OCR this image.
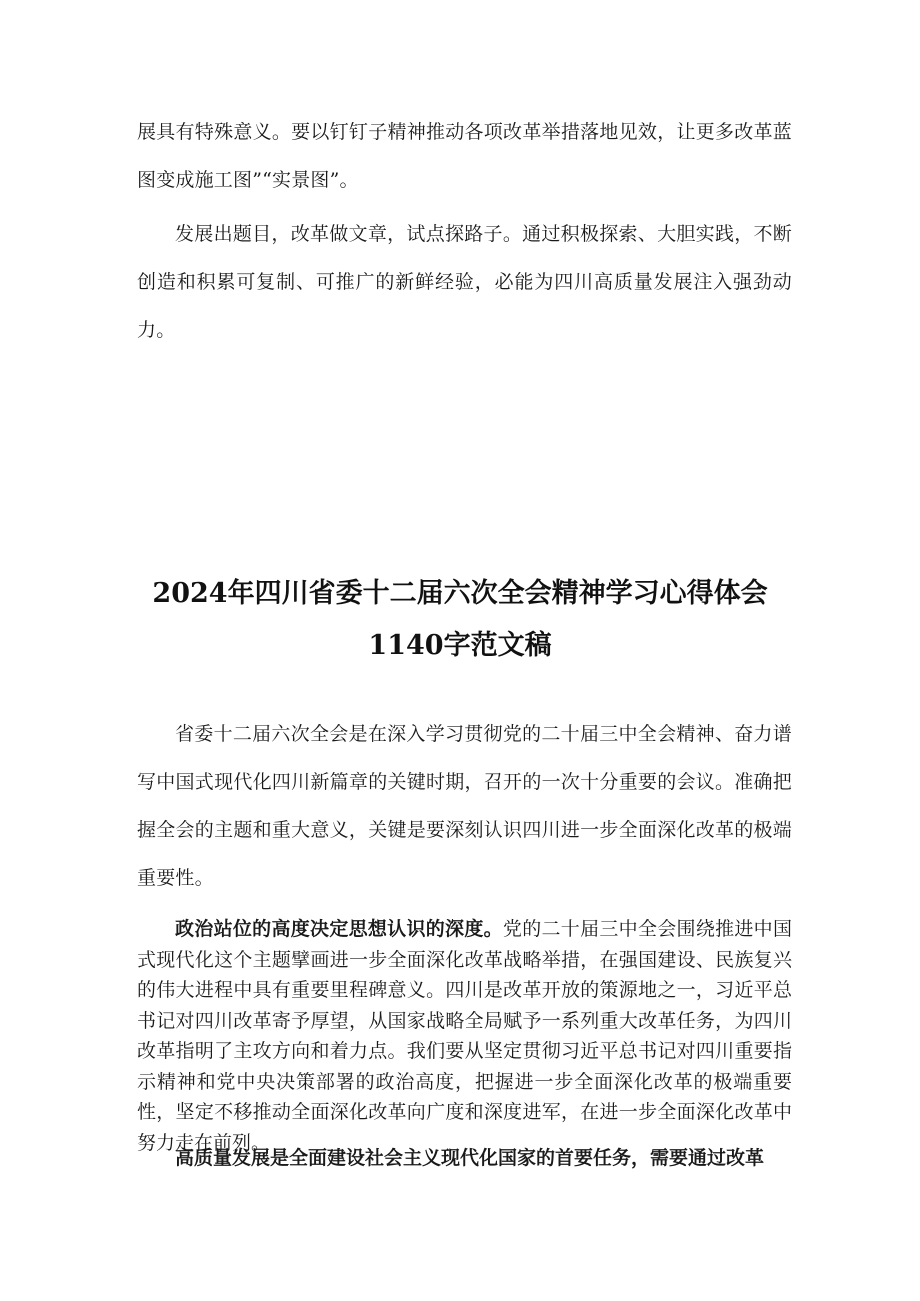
展具有特殊意义。要以钉钉子精神推动各项改革举措落地见效，让更多改革蓝图变成施工图”“实景图”。

发展出题目，改革做文章，试点探路子。通过积极探索、大胆实践，不断创造和积累可复制、可推广的新鲜经验，必能为四川高质量发展注入强劲动力。

2024年四川省委十二届六次全会精神学习心得体会
1140字范文稿

省委十二届六次全会是在深入学习贯彻党的二十届三中全会精神、奋力谱写中国式现代化四川新篇章的关键时期，召开的一次十分重要的会议。准确把握全会的主题和重大意义，关键是要深刻认识四川进一步全面深化改革的极端重要性。

政治站位的高度决定思想认识的深度。党的二十届三中全会围绕推进中国式现代化这个主题擘画进一步全面深化改革战略举措，在强国建设、民族复兴的伟大进程中具有重要里程碑意义。四川是改革开放的策源地之一，习近平总书记对四川改革寄予厚望，从国家战略全局赋予一系列重大改革任务，为四川改革指明了主攻方向和着力点。我们要从坚定贯彻习近平总书记对四川重要指示精神和党中央决策部署的政治高度，把握进一步全面深化改革的极端重要性，坚定不移推动全面深化改革向广度和深度进军，在进一步全面深化改革中努力走在前列。

高质量发展是全面建设社会主义现代化国家的首要任务，需要通过改革
